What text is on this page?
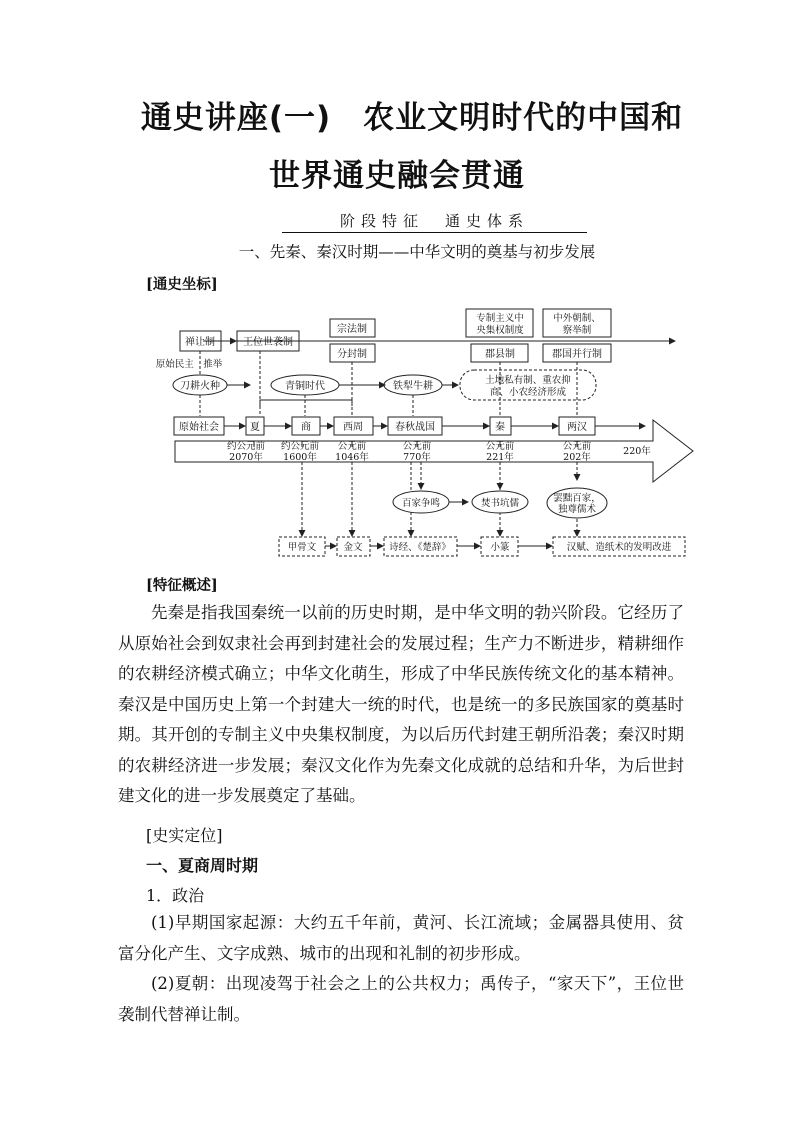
通史讲座(一)　农业文明时代的中国和
世界通史融会贯通
阶段特征　通史体系
一、先秦、秦汉时期——中华文明的奠基与初步发展
[通史坐标]
禅让制	王位世袭制
宗法制
分封制
专制主义中
央集权制度
郡县制
中外朝制、
察举制
郡国并行制
原始民主　推举
刀耕火种	青铜时代	铁犁牛耕
土地私有制、重农抑
商、小农经济形成
原始社会	夏	商	西周	春秋战国	秦	两汉
约公元前
2070年
约公元前
1600年
公元前
1046年
公元前
770年
公元前
221年
公元前
202年
220年
百家争鸣	焚书坑儒	罢黜百家，
独尊儒术
甲骨文	金文	诗经、《楚辞》	小篆	汉赋、造纸术的发明改进
[特征概述]

先秦是指我国秦统一以前的历史时期，是中华文明的勃兴阶段。它经历了从原始社会到奴隶社会再到封建社会的发展过程；生产力不断进步，精耕细作的农耕经济模式确立；中华文化萌生，形成了中华民族传统文化的基本精神。秦汉是中国历史上第一个封建大一统的时代，也是统一的多民族国家的奠基时期。其开创的专制主义中央集权制度，为以后历代封建王朝所沿袭；秦汉时期的农耕经济进一步发展；秦汉文化作为先秦文化成就的总结和升华，为后世封建文化的进一步发展奠定了基础。

[史实定位]
一、夏商周时期
1．政治

(1)早期国家起源：大约五千年前，黄河、长江流域；金属器具使用、贫富分化产生、文字成熟、城市的出现和礼制的初步形成。

(2)夏朝：出现凌驾于社会之上的公共权力；禹传子，“家天下”，王位世袭制代替禅让制。
